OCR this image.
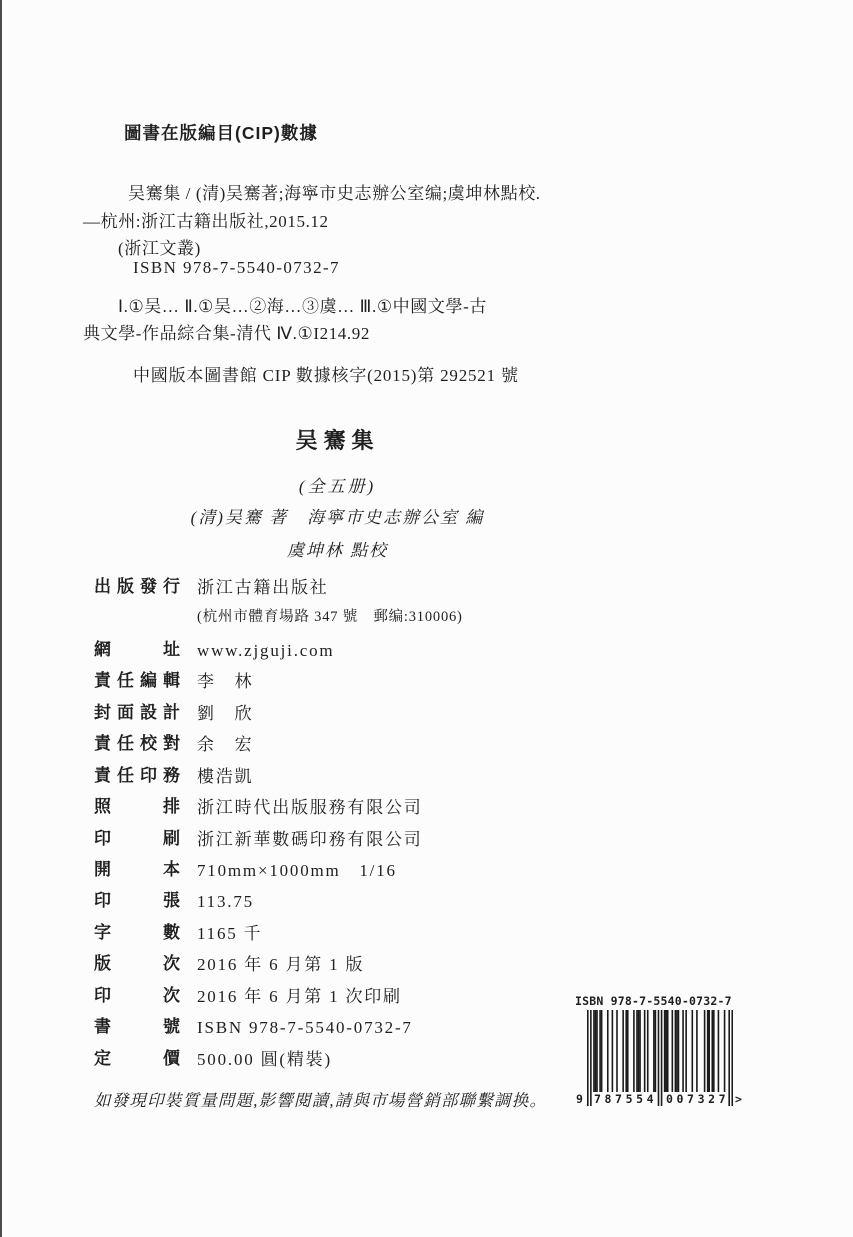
圖書在版編目(CIP)數據
吴騫集 / (清)吴騫著;海寧市史志辦公室编;虞坤林點校.
—杭州:浙江古籍出版社,2015.12
(浙江文叢)
ISBN 978-7-5540-0732-7
Ⅰ.①吴… Ⅱ.①吴…②海…③虞… Ⅲ.①中國文學-古
典文學-作品綜合集-清代 Ⅳ.①I214.92
中國版本圖書館 CIP 數據核字(2015)第 292521 號
吴騫集
(全五册)
(清)吴騫 著　海寧市史志辦公室 編
虞坤林 點校
出版發行 浙江古籍出版社
(杭州市體育場路 347 號　郵编:310006)
網址 www.zjguji.com
責任編輯 李　林
封面設計 劉　欣
責任校對 余　宏
責任印務 樓浩凱
照排 浙江時代出版服務有限公司
印刷 浙江新華數碼印務有限公司
開本 710mm×1000mm　1/16
印張 113.75
字數 1165 千
版次 2016 年 6 月第 1 版
印次 2016 年 6 月第 1 次印刷
書號 ISBN 978-7-5540-0732-7
定價 500.00 圓(精裝)
如發現印裝質量問題,影響閱讀,請與市場營銷部聯繫調换。
ISBN 978-7-5540-0732-7
9 787554 007327 >
